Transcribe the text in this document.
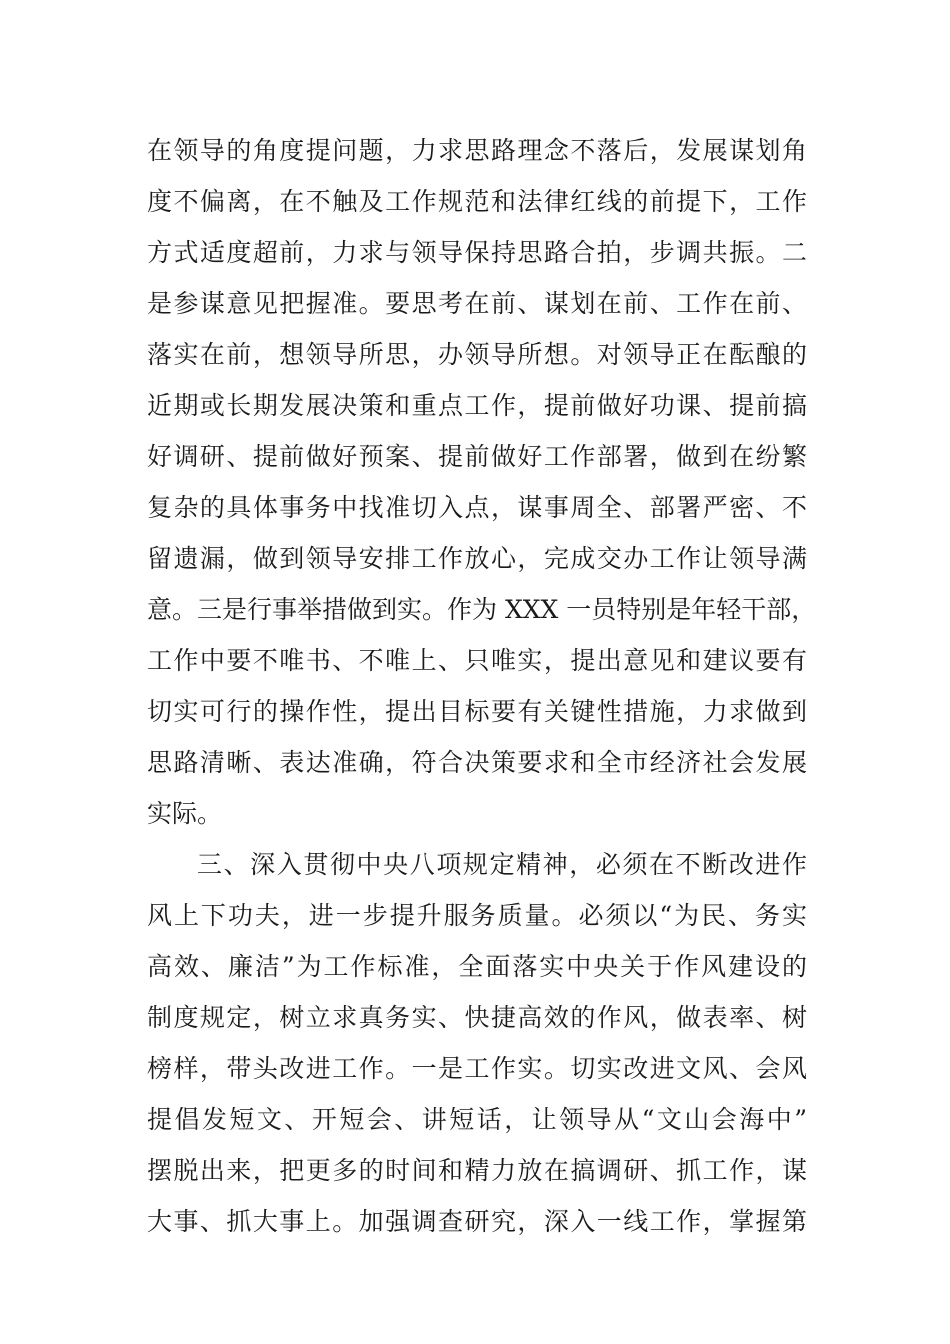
在领导的角度提问题，力求思路理念不落后，发展谋划角
度不偏离，在不触及工作规范和法律红线的前提下，工作
方式适度超前，力求与领导保持思路合拍，步调共振。二
是参谋意见把握准。要思考在前、谋划在前、工作在前、
落实在前，想领导所思，办领导所想。对领导正在酝酿的
近期或长期发展决策和重点工作，提前做好功课、提前搞
好调研、提前做好预案、提前做好工作部署，做到在纷繁
复杂的具体事务中找准切入点，谋事周全、部署严密、不
留遗漏，做到领导安排工作放心，完成交办工作让领导满
意。三是行事举措做到实。作为 XXX 一员特别是年轻干部，
工作中要不唯书、不唯上、只唯实，提出意见和建议要有
切实可行的操作性，提出目标要有关键性措施，力求做到
思路清晰、表达准确，符合决策要求和全市经济社会发展
实际。
三、深入贯彻中央八项规定精神，必须在不断改进作
风上下功夫，进一步提升服务质量。必须以“为民、务实
高效、廉洁”为工作标准，全面落实中央关于作风建设的
制度规定，树立求真务实、快捷高效的作风，做表率、树
榜样，带头改进工作。一是工作实。切实改进文风、会风
提倡发短文、开短会、讲短话，让领导从“文山会海中”
摆脱出来，把更多的时间和精力放在搞调研、抓工作，谋
大事、抓大事上。加强调查研究，深入一线工作，掌握第
